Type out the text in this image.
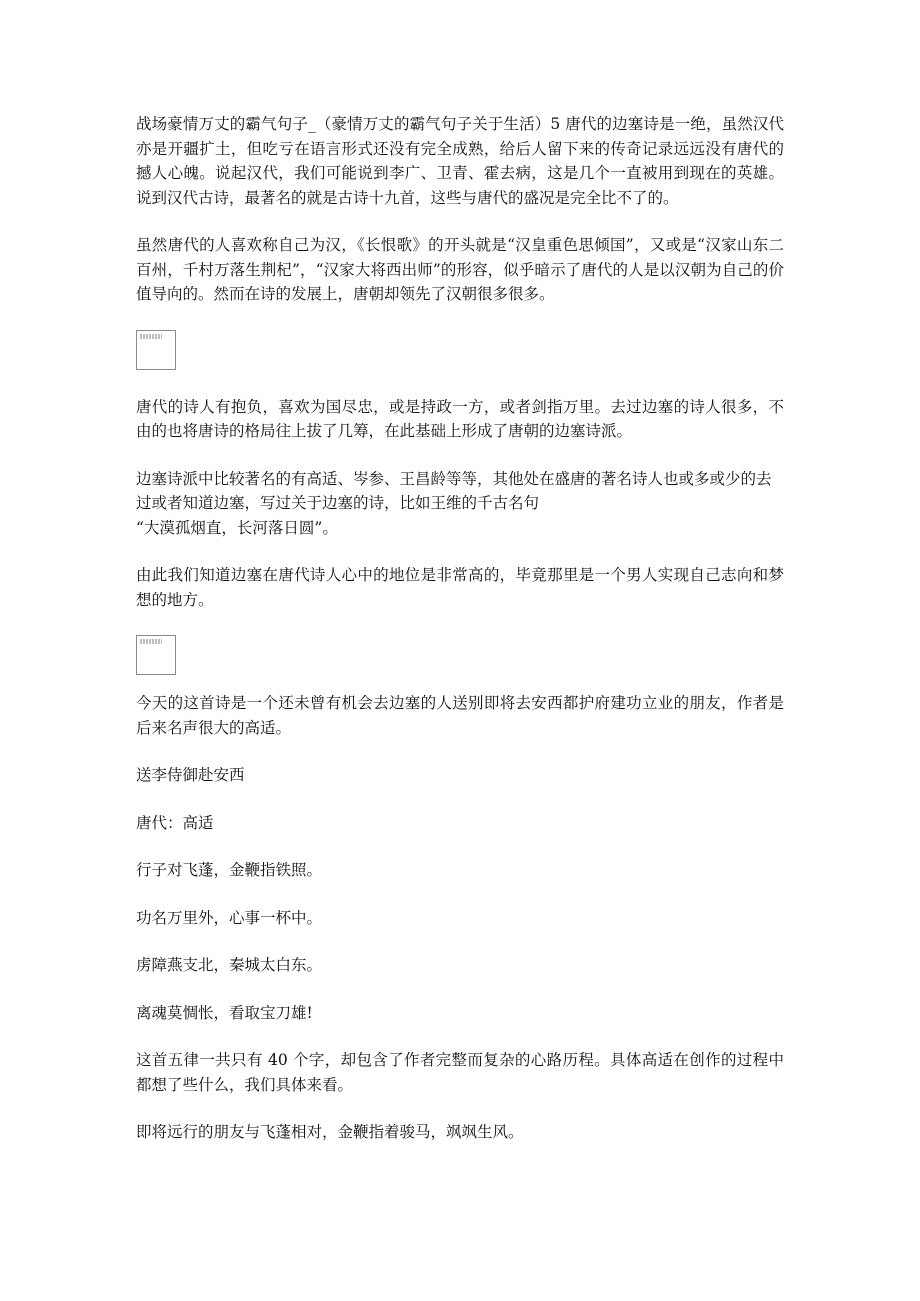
战场豪情万丈的霸气句子_（豪情万丈的霸气句子关于生活）5 唐代的边塞诗是一绝，虽然汉代亦是开疆扩土，但吃亏在语言形式还没有完全成熟，给后人留下来的传奇记录远远没有唐代的撼人心魄。说起汉代，我们可能说到李广、卫青、霍去病，这是几个一直被用到现在的英雄。说到汉代古诗，最著名的就是古诗十九首，这些与唐代的盛况是完全比不了的。

虽然唐代的人喜欢称自己为汉，《长恨歌》的开头就是“汉皇重色思倾国”，又或是“汉家山东二百州，千村万落生荆杞”，“汉家大将西出师”的形容，似乎暗示了唐代的人是以汉朝为自己的价值导向的。然而在诗的发展上，唐朝却领先了汉朝很多很多。

唐代的诗人有抱负，喜欢为国尽忠，或是持政一方，或者剑指万里。去过边塞的诗人很多，不由的也将唐诗的格局往上拔了几筹，在此基础上形成了唐朝的边塞诗派。

边塞诗派中比较著名的有高适、岑参、王昌龄等等，其他处在盛唐的著名诗人也或多或少的去过或者知道边塞，写过关于边塞的诗，比如王维的千古名句

“大漠孤烟直，长河落日圆”。

由此我们知道边塞在唐代诗人心中的地位是非常高的，毕竟那里是一个男人实现自己志向和梦想的地方。

今天的这首诗是一个还未曾有机会去边塞的人送别即将去安西都护府建功立业的朋友，作者是后来名声很大的高适。

送李侍御赴安西

唐代：高适

行子对飞蓬，金鞭指铁照。

功名万里外，心事一杯中。

虏障燕支北，秦城太白东。

离魂莫惆怅，看取宝刀雄!

这首五律一共只有 40 个字，却包含了作者完整而复杂的心路历程。具体高适在创作的过程中都想了些什么，我们具体来看。

即将远行的朋友与飞蓬相对，金鞭指着骏马，飒飒生风。
